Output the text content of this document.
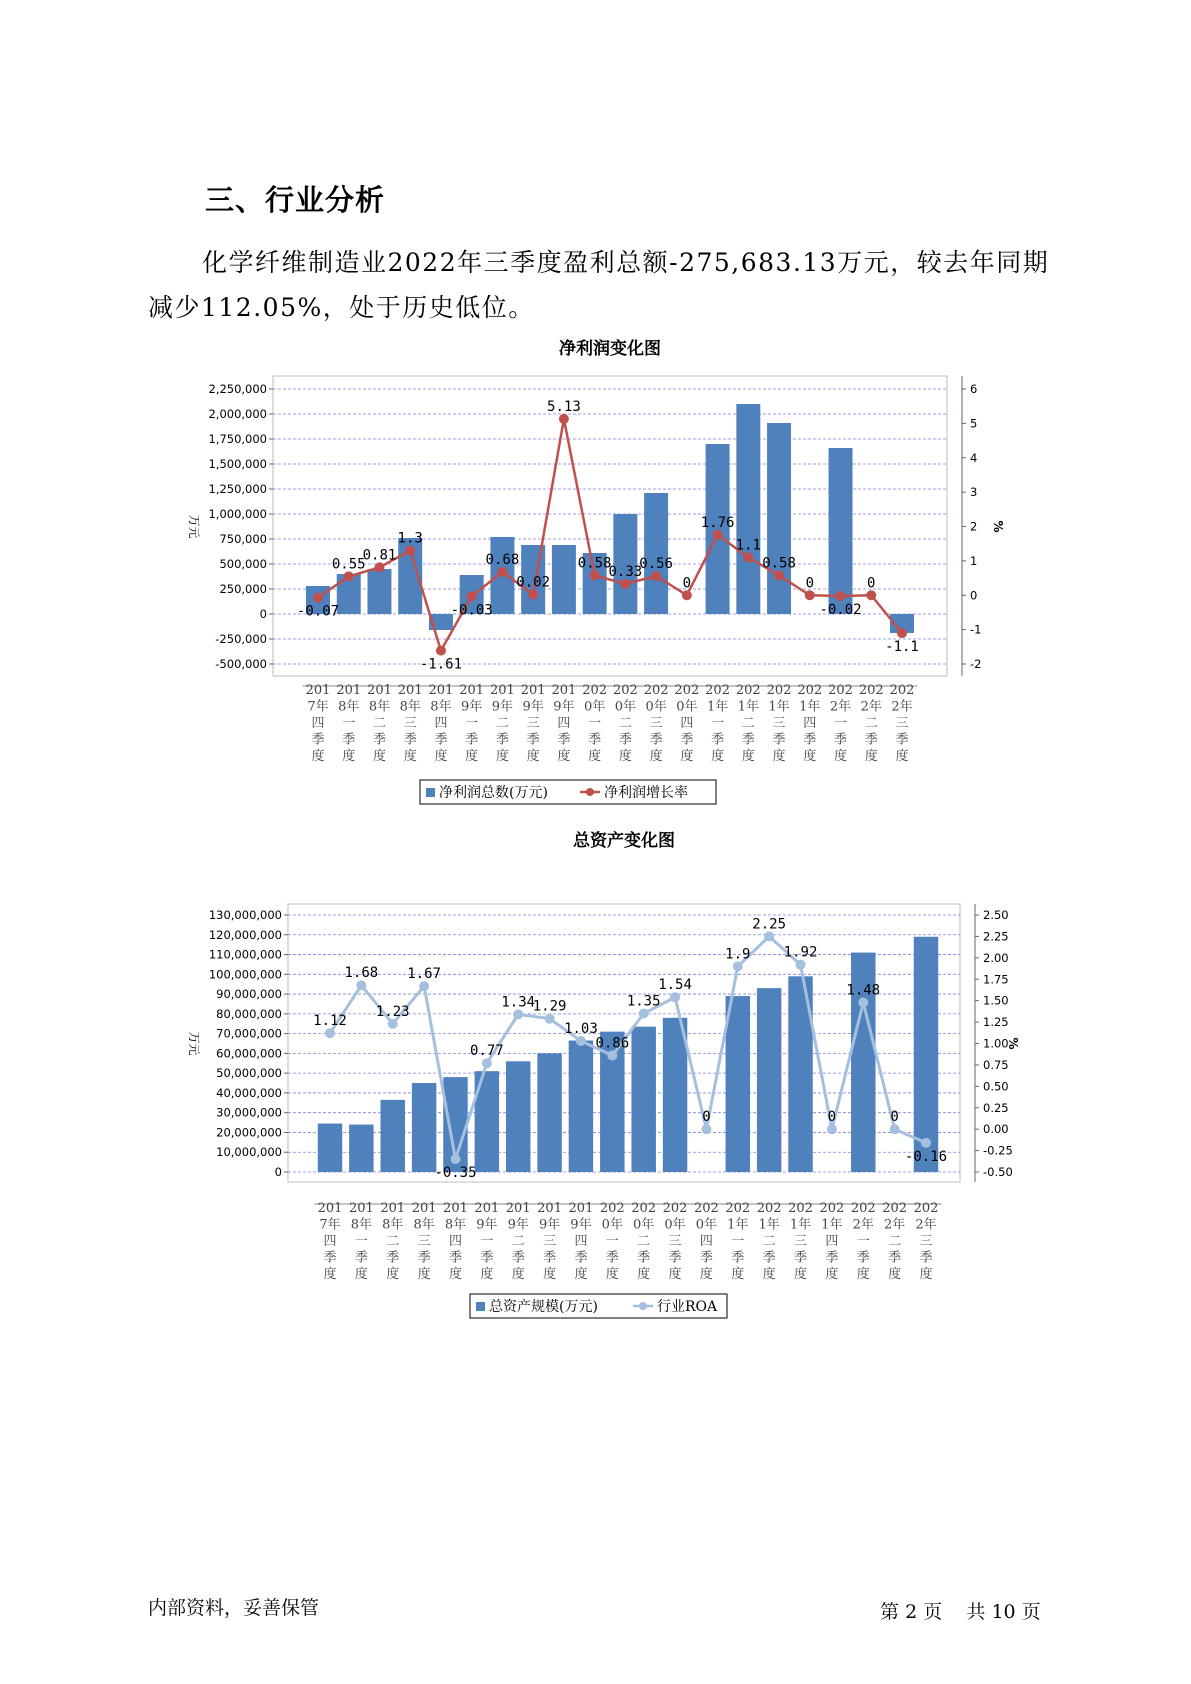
三、行业分析

化学纤维制造业2022年三季度盈利总额-275,683.13万元，较去年同期减少112.05%，处于历史低位。

净利润变化图
-500,000
-250,000
0
250,000
500,000
750,000
1,000,000
1,250,000
1,500,000
1,750,000
2,000,000
2,250,000
-2
-1
0
1
2
3
4
5
6
万元	%
-0.07
0.55
0.81
1.3
-1.61
-0.03
0.68
0.02
5.13
0.58
0.33
0.56
0
1.76
1.1
0.58
0
-0.02
0
-1.1
201
7年
四
季
度
201
8年
一
季
度
201
8年
二
季
度
201
8年
三
季
度
201
8年
四
季
度
201
9年
一
季
度
201
9年
二
季
度
201
9年
三
季
度
201
9年
四
季
度
202
0年
一
季
度
202
0年
二
季
度
202
0年
三
季
度
202
0年
四
季
度
202
1年
一
季
度
202
1年
二
季
度
202
1年
三
季
度
202
1年
四
季
度
202
2年
一
季
度
202
2年
二
季
度
202
2年
三
季
度
净利润总数(万元)	净利润增长率
总资产变化图
0
10,000,000
20,000,000
30,000,000
40,000,000
50,000,000
60,000,000
70,000,000
80,000,000
90,000,000
100,000,000
110,000,000
120,000,000
130,000,000
-0.50
-0.25
0.00
0.25
0.50
0.75
1.00
1.25
1.50
1.75
2.00
2.25
2.50
万元	%
1.12
1.68
1.23
1.67
-0.35
0.77
1.34
1.29
1.03
0.86
1.35
1.54
0
1.9
2.25
1.92
0
1.48
0
-0.16
201
7年
四
季
度
201
8年
一
季
度
201
8年
二
季
度
201
8年
三
季
度
201
8年
四
季
度
201
9年
一
季
度
201
9年
二
季
度
201
9年
三
季
度
201
9年
四
季
度
202
0年
一
季
度
202
0年
二
季
度
202
0年
三
季
度
202
0年
四
季
度
202
1年
一
季
度
202
1年
二
季
度
202
1年
三
季
度
202
1年
四
季
度
202
2年
一
季
度
202
2年
二
季
度
202
2年
三
季
度
总资产规模(万元)	行业ROA
内部资料，妥善保管	第 2 页 共 10 页
